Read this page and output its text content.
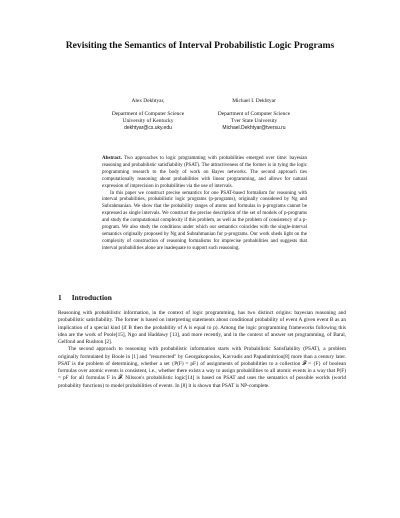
Revisiting the Semantics of Interval Probabilistic Logic Programs
Alex Dekhtyar,
Department of Computer Science
University of Kentucky
dekhtyar@cs.uky.edu
Michael I. Dekhtyar
Department of Computer Science
Tver State University
Michael.Dekhtyar@tversu.ru

Abstract. Two approaches to logic programming with probabilities emerged over time: bayesian reasoning and probabilistic satisfiability (PSAT). The attractiveness of the former is in tying the logic programming research to the body of work on Bayes networks. The second approach ties computationally reasoning about probabilities with linear programming, and allows for natural expression of imprecision in probabilities via the use of intervals.

In this paper we construct precise semantics for one PSAT-based formalism for reasoning with interval probabilities, probabilistic logic programs (p-programs), originally considered by Ng and Subrahmanian. We show that the probability ranges of atoms and formulas in p-programs cannot be expressed as single intervals. We construct the precise description of the set of models of p-programs and study the computational complexity if this problem, as well as the problem of consistency of a p-program. We also study the conditions under which our semantics coincides with the single-interval semantics originally proposed by Ng and Subrahmanian for p-programs. Our work sheds light on the complexity of construction of reasoning formalisms for imprecise probabilities and suggests that interval probabilities alone are inadequate to support such reasoning.

1 Introduction

Reasoning with probabilistic information, in the context of logic programming, has two distinct origins: bayesian reasoning and probabilistic satisfiability. The former is based on interpreting statements about conditional probability of event A given event B as an implication of a special kind (if B then the probability of A is equal to p). Among the logic programming frameworks following this idea are the work of Poole[15], Ngo and Haddawy [13], and more recently, and in the context of answer set programming, of Baral, Gelfond and Rushton [2].

The second approach to reasoning with probabilistic information starts with Probabilistic Satisfiability (PSAT), a problem originally formulated by Boole in [1] and "resurrected" by Georgakopoulos, Kavvadis and Papadimitriou[8] more than a century later. PSAT is the problem of determining, whether a set {P(F) = pF} of assignments of probabilities to a collection 𝓕 = {F} of boolean formulas over atomic events is consistent, i.e., whether there exists a way to assign probabilities to all atomic events in a way that P(F) = pF for all formulas F in 𝓕. Nilsson's probabilistic logic[14] is based on PSAT and uses the semantics of possible worlds (world probability functions) to model probabilities of events. In [8] it is shown that PSAT is NP-complete.
